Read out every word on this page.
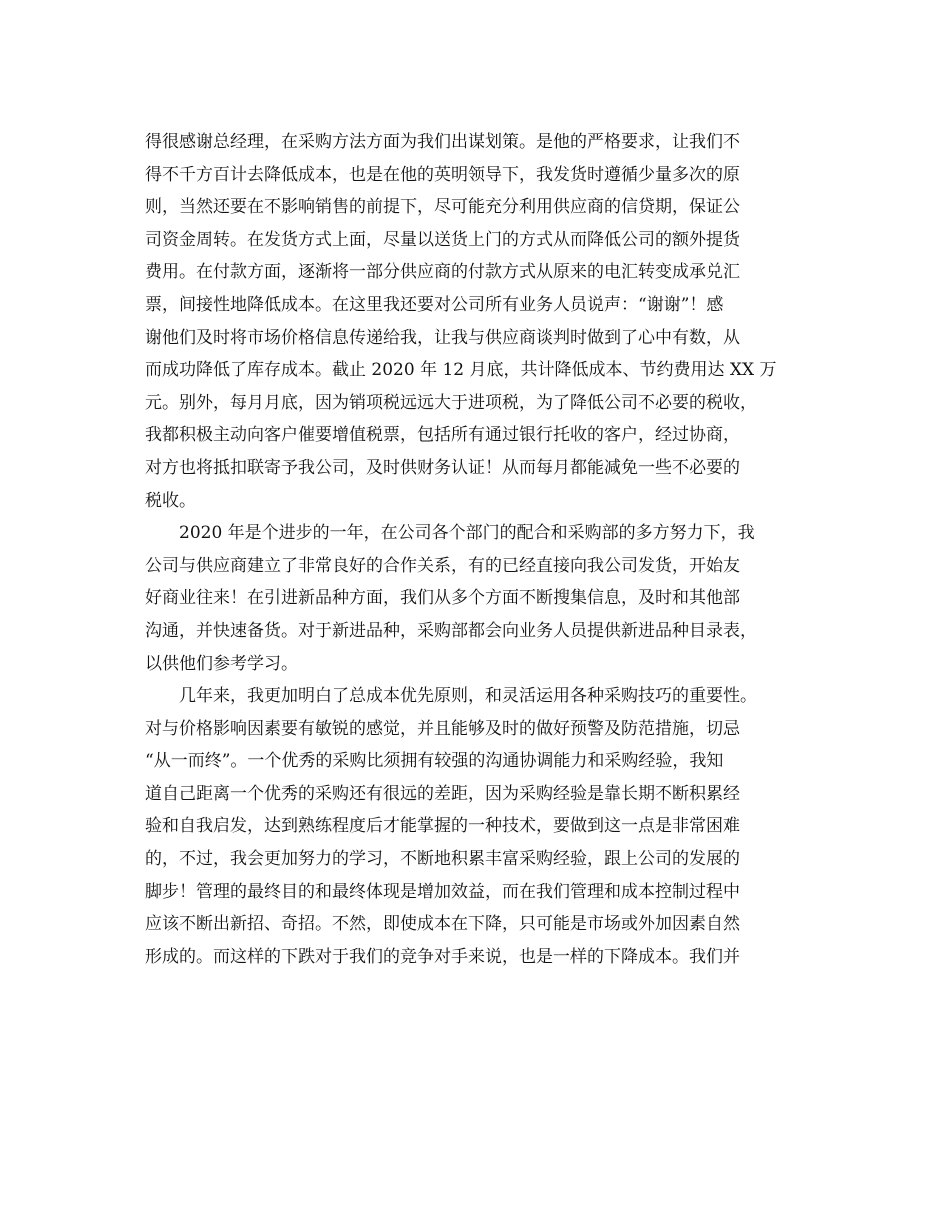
得很感谢总经理，在采购方法方面为我们出谋划策。是他的严格要求，让我们不
得不千方百计去降低成本，也是在他的英明领导下，我发货时遵循少量多次的原
则，当然还要在不影响销售的前提下，尽可能充分利用供应商的信贷期，保证公
司资金周转。在发货方式上面，尽量以送货上门的方式从而降低公司的额外提货
费用。在付款方面，逐渐将一部分供应商的付款方式从原来的电汇转变成承兑汇
票，间接性地降低成本。在这里我还要对公司所有业务人员说声：“谢谢”！感
谢他们及时将市场价格信息传递给我，让我与供应商谈判时做到了心中有数，从
而成功降低了库存成本。截止 2020 年 12 月底，共计降低成本、节约费用达 XX 万
元。别外，每月月底，因为销项税远远大于进项税，为了降低公司不必要的税收，
我都积极主动向客户催要增值税票，包括所有通过银行托收的客户，经过协商，
对方也将抵扣联寄予我公司，及时供财务认证！从而每月都能减免一些不必要的
税收。
2020 年是个进步的一年，在公司各个部门的配合和采购部的多方努力下，我
公司与供应商建立了非常良好的合作关系，有的已经直接向我公司发货，开始友
好商业往来！在引进新品种方面，我们从多个方面不断搜集信息，及时和其他部
沟通，并快速备货。对于新进品种，采购部都会向业务人员提供新进品种目录表，
以供他们参考学习。
几年来，我更加明白了总成本优先原则，和灵活运用各种采购技巧的重要性。
对与价格影响因素要有敏锐的感觉，并且能够及时的做好预警及防范措施，切忌
“从一而终”。一个优秀的采购比须拥有较强的沟通协调能力和采购经验，我知
道自己距离一个优秀的采购还有很远的差距，因为采购经验是靠长期不断积累经
验和自我启发，达到熟练程度后才能掌握的一种技术，要做到这一点是非常困难
的，不过，我会更加努力的学习，不断地积累丰富采购经验，跟上公司的发展的
脚步！管理的最终目的和最终体现是增加效益，而在我们管理和成本控制过程中
应该不断出新招、奇招。不然，即使成本在下降，只可能是市场或外加因素自然
形成的。而这样的下跌对于我们的竞争对手来说，也是一样的下降成本。我们并
